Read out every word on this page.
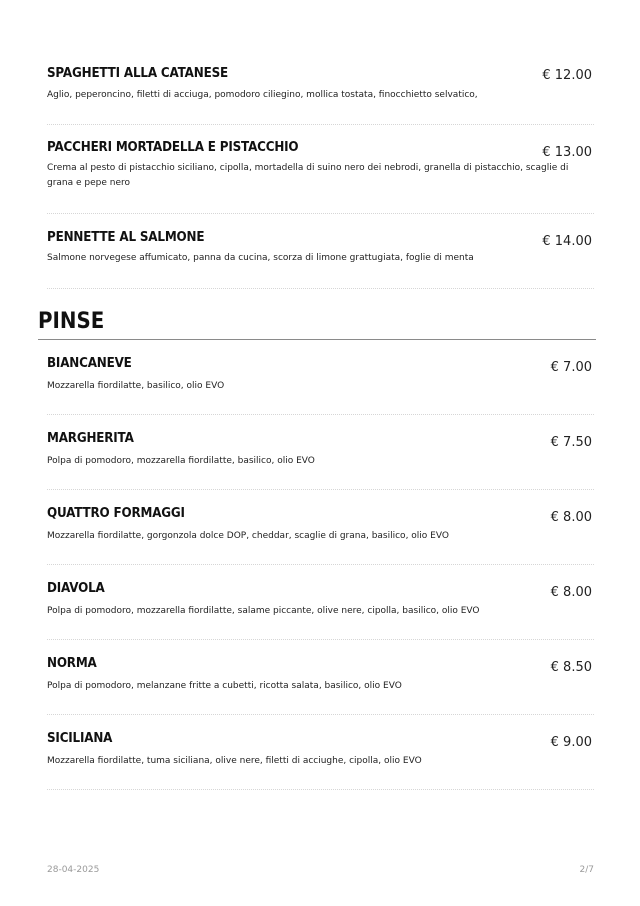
SPAGHETTI ALLA CATANESE	€ 12.00
Aglio, peperoncino, filetti di acciuga, pomodoro ciliegino, mollica tostata, finocchietto selvatico,
PACCHERI MORTADELLA E PISTACCHIO	€ 13.00
Crema al pesto di pistacchio siciliano, cipolla, mortadella di suino nero dei nebrodi, granella di pistacchio, scaglie di grana e pepe nero
PENNETTE AL SALMONE	€ 14.00
Salmone norvegese affumicato, panna da cucina, scorza di limone grattugiata, foglie di menta
PINSE
BIANCANEVE	€ 7.00
Mozzarella fiordilatte, basilico, olio EVO
MARGHERITA	€ 7.50
Polpa di pomodoro, mozzarella fiordilatte, basilico, olio EVO
QUATTRO FORMAGGI	€ 8.00
Mozzarella fiordilatte, gorgonzola dolce DOP, cheddar, scaglie di grana, basilico, olio EVO
DIAVOLA	€ 8.00
Polpa di pomodoro, mozzarella fiordilatte, salame piccante, olive nere, cipolla, basilico, olio EVO
NORMA	€ 8.50
Polpa di pomodoro, melanzane fritte a cubetti, ricotta salata, basilico, olio EVO
SICILIANA	€ 9.00
Mozzarella fiordilatte, tuma siciliana, olive nere, filetti di acciughe, cipolla, olio EVO
28-04-2025	2/7
